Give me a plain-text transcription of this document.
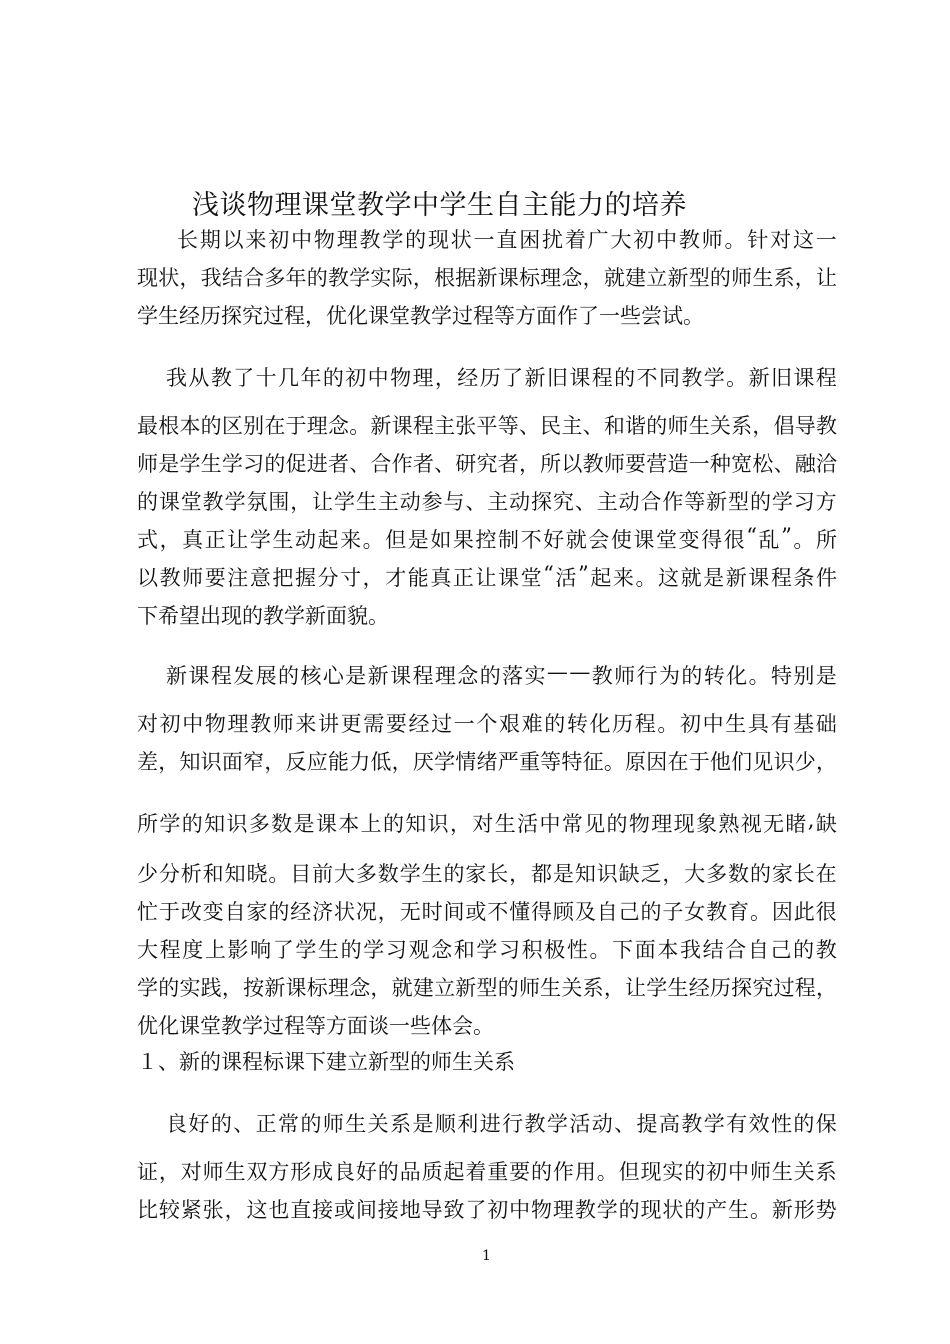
浅谈物理课堂教学中学生自主能力的培养
长 期 以 来 初 中 物 理 教 学 的 现 状 一 直 困 扰 着 广 大 初 中 教 师 。 针 对 这 一
现 状 ， 我 结 合 多 年 的 教 学 实 际 ， 根 据 新 课 标 理 念 ， 就 建 立 新 型 的 师 生 系 ， 让
学生经历探究过程，优化课堂教学过程等方面作了一些尝试。
我 从 教 了 十 几 年 的 初 中 物 理 ， 经 历 了 新 旧 课 程 的 不 同 教 学 。 新 旧 课 程
最 根 本 的 区 别 在 于 理 念 。 新 课 程 主 张 平 等 、 民 主 、 和 谐 的 师 生 关 系 ， 倡 导 教
师 是 学 生 学 习 的 促 进 者 、 合 作 者 、 研 究 者 ， 所 以 教 师 要 营 造 一 种 宽 松 、 融 洽
的 课 堂 教 学 氛 围 ， 让 学 生 主 动 参 与 、 主 动 探 究 、 主 动 合 作 等 新 型 的 学 习 方
式 ， 真 正 让 学 生 动 起 来 。 但 是 如 果 控 制 不 好 就 会 使 课 堂 变 得 很 “ 乱 ” 。 所
以 教 师 要 注 意 把 握 分 寸 ， 才 能 真 正 让 课 堂 “ 活 ” 起 来 。 这 就 是 新 课 程 条 件
下希望出现的教学新面貌。
新 课 程 发 展 的 核 心 是 新 课 程 理 念 的 落 实 — — 教 师 行 为 的 转 化 。 特 别 是
对 初 中 物 理 教 师 来 讲 更 需 要 经 过 一 个 艰 难 的 转 化 历 程 。 初 中 生 具 有 基 础
差 ， 知 识 面 窄 ， 反 应 能 力 低 ， 厌 学 情 绪 严 重 等 特 征 。 原 因 在 于 他 们 见 识 少 ，
所 学 的 知 识 多 数 是 课 本 上 的 知 识 ， 对 生 活 中 常 见 的 物 理 现 象 熟 视 无 睹 , 缺
少 分 析 和 知 晓 。 目 前 大 多 数 学 生 的 家 长 ， 都 是 知 识 缺 乏 ， 大 多 数 的 家 长 在
忙 于 改 变 自 家 的 经 济 状 况 ， 无 时 间 或 不 懂 得 顾 及 自 己 的 子 女 教 育 。 因 此 很
大 程 度 上 影 响 了 学 生 的 学 习 观 念 和 学 习 积 极 性 。 下 面 本 我 结 合 自 己 的 教
学 的 实 践 ， 按 新 课 标 理 念 ， 就 建 立 新 型 的 师 生 关 系 ， 让 学 生 经 历 探 究 过 程 ，
优化课堂教学过程等方面谈一些体会。
１、新的课程标课下建立新型的师生关系
良 好 的 、 正 常 的 师 生 关 系 是 顺 利 进 行 教 学 活 动 、 提 高 教 学 有 效 性 的 保
证 ， 对 师 生 双 方 形 成 良 好 的 品 质 起 着 重 要 的 作 用 。 但 现 实 的 初 中 师 生 关 系
比 较 紧 张 ， 这 也 直 接 或 间 接 地 导 致 了 初 中 物 理 教 学 的 现 状 的 产 生 。 新 形 势
1
